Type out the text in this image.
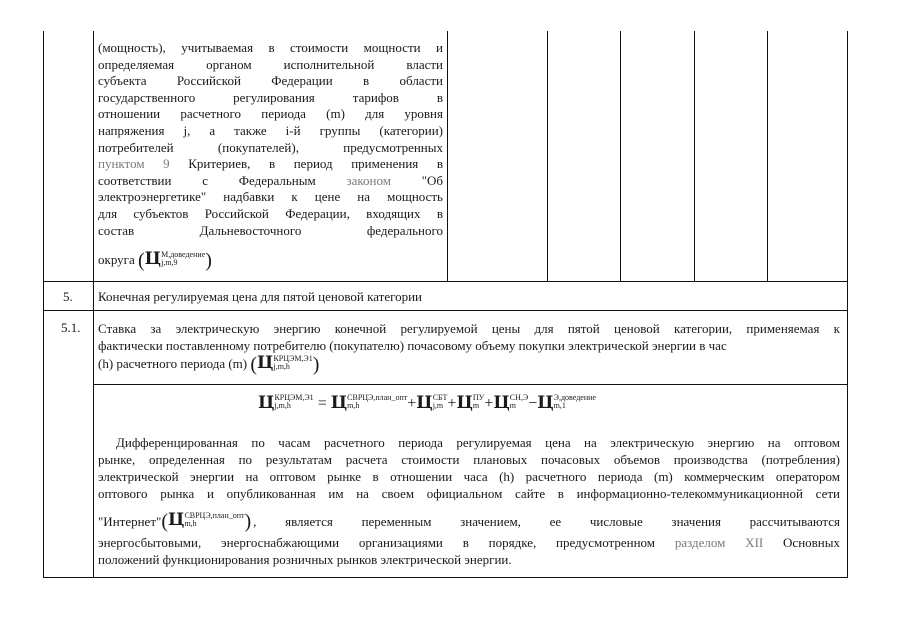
(мощность), учитываемая в стоимости мощности и
определяемая органом исполнительной власти
субъекта Российской Федерации в области
государственного регулирования тарифов в
отношении расчетного периода (m) для уровня
напряжения j, а также i-й группы (категории)
потребителей (покупателей), предусмотренных
пунктом 9 Критериев, в период применения в
соответствии с Федеральным законом "Об
электроэнергетике" надбавки к цене на мощность
для субъектов Российской Федерации, входящих в
состав Дальневосточного федерального
округа (Ц М,доведение
j,m,9	)
5. Конечная регулируемая цена для пятой ценовой категории
5.1. Ставка за электрическую энергию конечной регулируемой цены для пятой ценовой категории, применяемая к
фактически поставленному потребителю (покупателю) почасовому объему покупки электрической энергии в час
(h) расчетного периода (m) (Ц КРЦЭМ,Э1
j,m,h	)
Ц КРЦЭМ,Э1
j,m,h	= Ц СВРЦЭ,план_опт
m,h	+Ц СБТ
j,m +Ц ПУ
m +Ц СН,Э
m −Ц Э,доведение
m,1
Дифференцированная по часам расчетного периода регулируемая цена на электрическую энергию на оптовом
рынке, определенная по результатам расчета стоимости плановых почасовых объемов производства (потребления)
электрической энергии на оптовом рынке в отношении часа (h) расчетного периода (m) коммерческим оператором
оптового рынка и опубликованная им на своем официальном сайте в информационно-телекоммуникационной сети
"Интернет" (Ц СВРЦЭ,план_опт
m,h	) , является переменным значением, ее числовые значения рассчитываются
энергосбытовыми, энергоснабжающими организациями в порядке, предусмотренном разделом XII Основных
положений функционирования розничных рынков электрической энергии.
